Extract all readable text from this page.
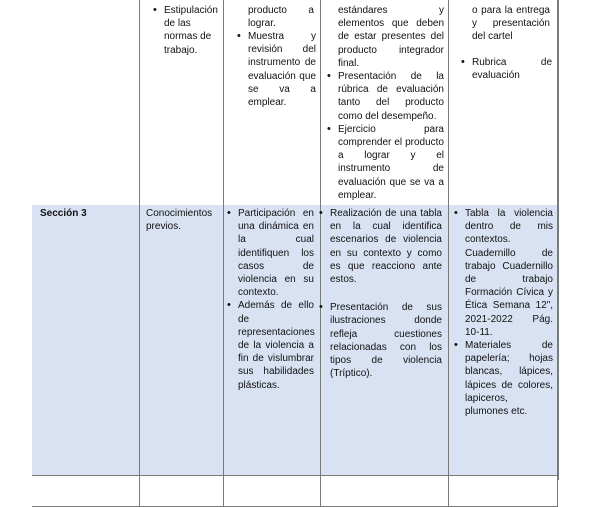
• Estipulación de las normas de trabajo.
producto a lograr.
• Muestra y revisión del instrumento de evaluación que se va a emplear.
estándares y elementos que deben de estar presentes del producto integrador final.
• Presentación de la rúbrica de evaluación tanto del producto como del desempeño.
• Ejercicio para comprender el producto a lograr y el instrumento de evaluación que se va a emplear.
o para la entrega y presentación del cartel
• Rubrica de evaluación
Sección 3	Conocimientos previos.
• Participación en una dinámica en la cual identifiquen los casos de violencia en su contexto.
• Además de ello de representaciones de la violencia a fin de vislumbrar sus habilidades plásticas.
• Realización de una tabla en la cual identifica escenarios de violencia en su contexto y como es que reacciono ante estos.
• Presentación de sus ilustraciones donde refleja cuestiones relacionadas con los tipos de violencia (Tríptico).
• Tabla la violencia dentro de mis contextos. Cuadernillo de trabajo Cuadernillo de trabajo Formación Cívica y Ética Semana 12", 2021-2022 Pág. 10-11.
• Materiales de papelería; hojas blancas, lápices, lápices de colores, lapiceros, plumones etc.
